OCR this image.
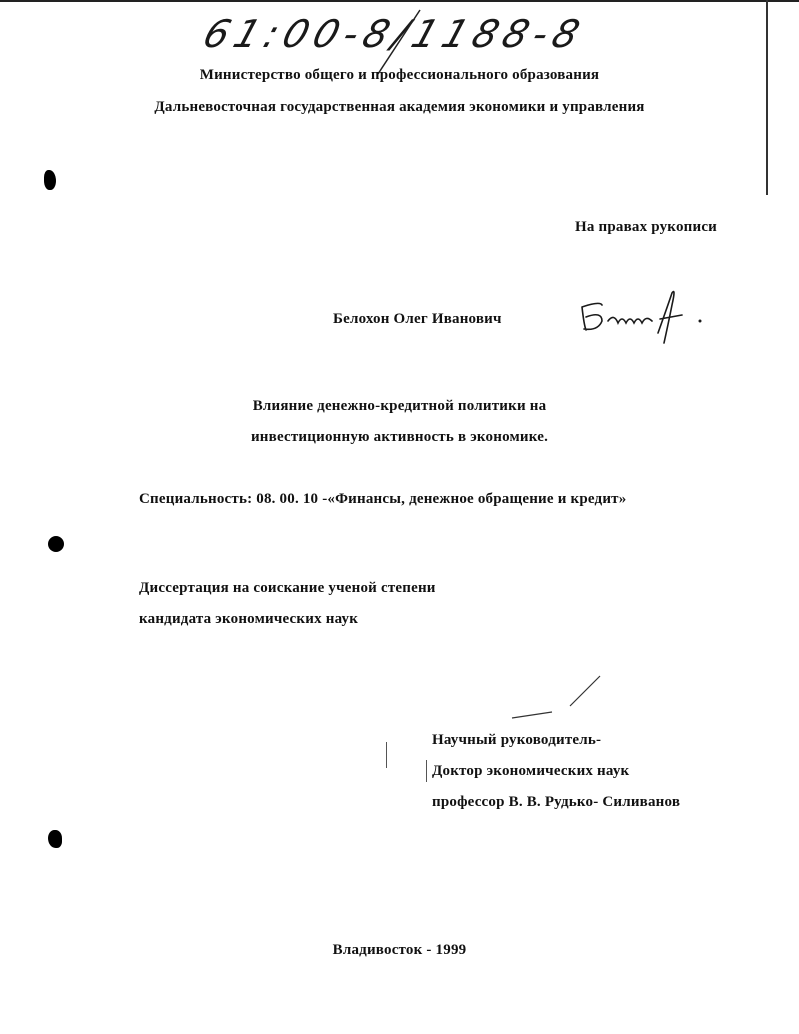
61:00-8/1188-8
Министерство общего и профессионального образования
Дальневосточная государственная академия экономики и управления
На правах рукописи
Белохон Олег Иванович
Влияние денежно-кредитной политики на
инвестиционную активность в экономике.
Специальность: 08. 00. 10 -«Финансы, денежное обращение и кредит»
Диссертация на соискание ученой степени
кандидата экономических наук
Научный руководитель-
Доктор экономических наук
профессор В. В. Рудько- Силиванов
Владивосток - 1999
